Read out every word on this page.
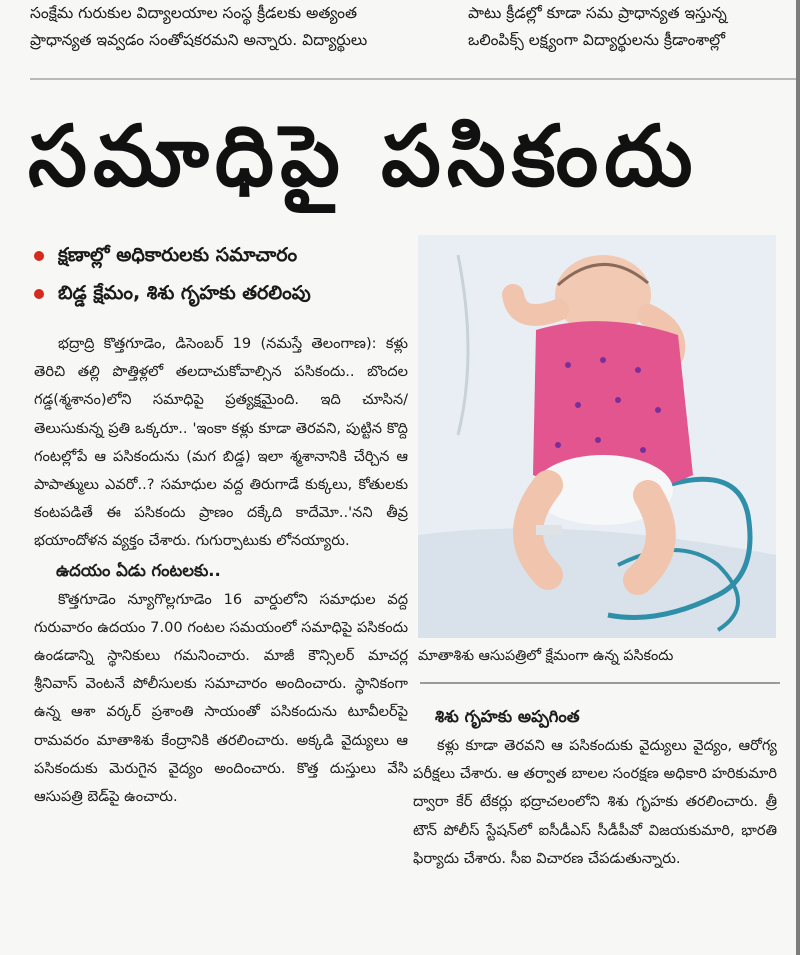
సంక్షేమ గురుకుల విద్యాలయాల సంస్థ క్రీడలకు అత్యంత
ప్రాధాన్యత ఇవ్వడం సంతోషకరమని అన్నారు. విద్యార్థులు
పాటు క్రీడల్లో కూడా సమ ప్రాధాన్యత ఇస్తున్న
ఒలింపిక్స్ లక్ష్యంగా విద్యార్థులను క్రీడాంశాల్లో
సమాధిపై పసికందు
క్షణాల్లో అధికారులకు సమాచారం
బిడ్డ క్షేమం, శిశు గృహకు తరలింపు

భద్రాద్రి కొత్తగూడెం, డిసెంబర్ 19 (నమస్తే తెలంగాణ): కళ్లు తెరిచి తల్లి పొత్తిళ్లలో తలదాచుకోవాల్సిన పసికందు.. బొందల గడ్డ(శ్మశానం)లోని సమాధిపై ప్రత్యక్షమైంది. ఇది చూసిన/తెలుసుకున్న ప్రతి ఒక్కరూ.. 'ఇంకా కళ్లు కూడా తెరవని, పుట్టిన కొద్ది గంటల్లోపే ఆ పసికందును (మగ బిడ్డ) ఇలా శ్మశానానికి చేర్చిన ఆ పాపాత్ములు ఎవరో..? సమాధుల వద్ద తిరుగాడే కుక్కలు, కోతులకు కంటపడితే ఈ పసికందు ప్రాణం దక్కేది కాదేమో..'నని తీవ్ర భయాందోళన వ్యక్తం చేశారు. గుగుర్పాటుకు లోనయ్యారు.

ఉదయం ఏడు గంటలకు..

కొత్తగూడెం న్యూగొల్లగూడెం 16 వార్డులోని సమాధుల వద్ద గురువారం ఉదయం 7.00 గంటల సమయంలో సమాధిపై పసికందు ఉండడాన్ని స్థానికులు గమనించారు. మాజీ కౌన్సిలర్ మాచర్ల శ్రీనివాస్ వెంటనే పోలీసులకు సమాచారం అందించారు. స్థానికంగా ఉన్న ఆశా వర్కర్ ప్రశాంతి సాయంతో పసికందును టూవీలర్‌పై రామవరం మాతాశిశు కేంద్రానికి తరలించారు. అక్కడి వైద్యులు ఆ పసికందుకు మెరుగైన వైద్యం అందించారు. కొత్త దుస్తులు వేసి ఆసుపత్రి బెడ్‌పై ఉంచారు.

మాతాశిశు ఆసుపత్రిలో క్షేమంగా ఉన్న పసికందు

శిశు గృహకు అప్పగింత

కళ్లు కూడా తెరవని ఆ పసికందుకు వైద్యులు వైద్యం, ఆరోగ్య పరీక్షలు చేశారు. ఆ తర్వాత బాలల సంరక్షణ అధికారి హరికుమారి ద్వారా కేర్ టేకర్లు భద్రాచలంలోని శిశు గృహకు తరలించారు. త్రీ టౌన్ పోలీస్ స్టేషన్‌లో ఐసీడీఎస్ సీడీపీవో విజయకుమారి, భారతి ఫిర్యాదు చేశారు. సీఐ విచారణ చేపడుతున్నారు.
